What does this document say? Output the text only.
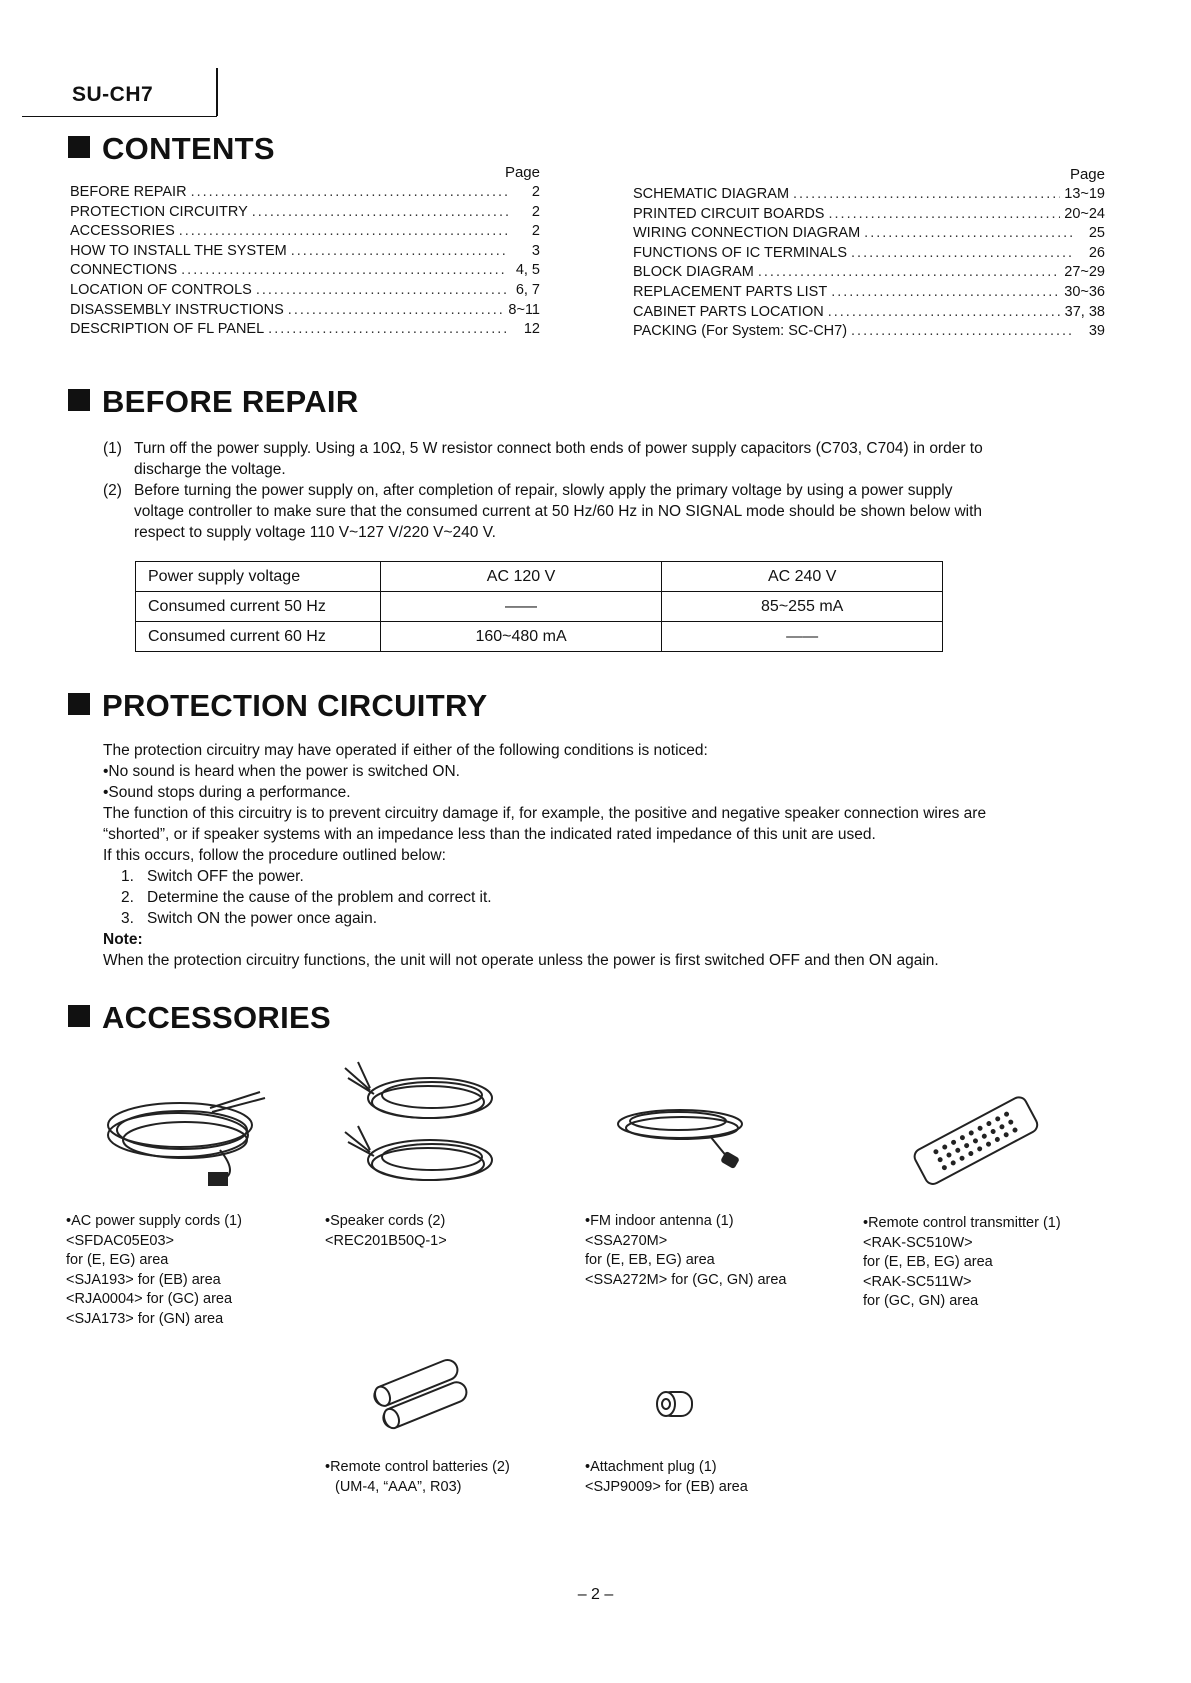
SU-CH7
CONTENTS
Page
BEFORE REPAIR .....	2
PROTECTION CIRCUITRY .....	2
ACCESSORIES .....	2
HOW TO INSTALL THE SYSTEM .....	3
CONNECTIONS .....	4, 5
LOCATION OF CONTROLS .....	6, 7
DISASSEMBLY INSTRUCTIONS .....	8~11
DESCRIPTION OF FL PANEL .....	12
Page
SCHEMATIC DIAGRAM .....	13~19
PRINTED CIRCUIT BOARDS .....	20~24
WIRING CONNECTION DIAGRAM .....	25
FUNCTIONS OF IC TERMINALS .....	26
BLOCK DIAGRAM .....	27~29
REPLACEMENT PARTS LIST .....	30~36
CABINET PARTS LOCATION .....	37, 38
PACKING (For System: SC-CH7) .....	39
BEFORE REPAIR
(1) Turn off the power supply. Using a 10Ω, 5 W resistor connect both ends of power supply capacitors (C703, C704) in order to
discharge the voltage.
(2) Before turning the power supply on, after completion of repair, slowly apply the primary voltage by using a power supply
voltage controller to make sure that the consumed current at 50 Hz/60 Hz in NO SIGNAL mode should be shown below with
respect to supply voltage 110 V~127 V/220 V~240 V.
Power supply voltage	AC 120 V	AC 240 V
Consumed current 50 Hz	——	85~255 mA
Consumed current 60 Hz	160~480 mA	——
PROTECTION CIRCUITRY
The protection circuitry may have operated if either of the following conditions is noticed:
•No sound is heard when the power is switched ON.
•Sound stops during a performance.
The function of this circuitry is to prevent circuitry damage if, for example, the positive and negative speaker connection wires are
“shorted”, or if speaker systems with an impedance less than the indicated rated impedance of this unit are used.
If this occurs, follow the procedure outlined below:
1. Switch OFF the power.
2. Determine the cause of the problem and correct it.
3. Switch ON the power once again.
Note:
When the protection circuitry functions, the unit will not operate unless the power is first switched OFF and then ON again.
ACCESSORIES
•AC power supply cords (1)
<SFDAC05E03>
for (E, EG) area
<SJA193> for (EB) area
<RJA0004> for (GC) area
<SJA173> for (GN) area
•Speaker cords (2)
<REC201B50Q-1>
•FM indoor antenna (1)
<SSA270M>
for (E, EB, EG) area
<SSA272M> for (GC, GN) area
•Remote control transmitter (1)
<RAK-SC510W>
for (E, EB, EG) area
<RAK-SC511W>
for (GC, GN) area
•Remote control batteries (2)
(UM-4, “AAA”, R03)
•Attachment plug (1)
<SJP9009> for (EB) area
– 2 –
